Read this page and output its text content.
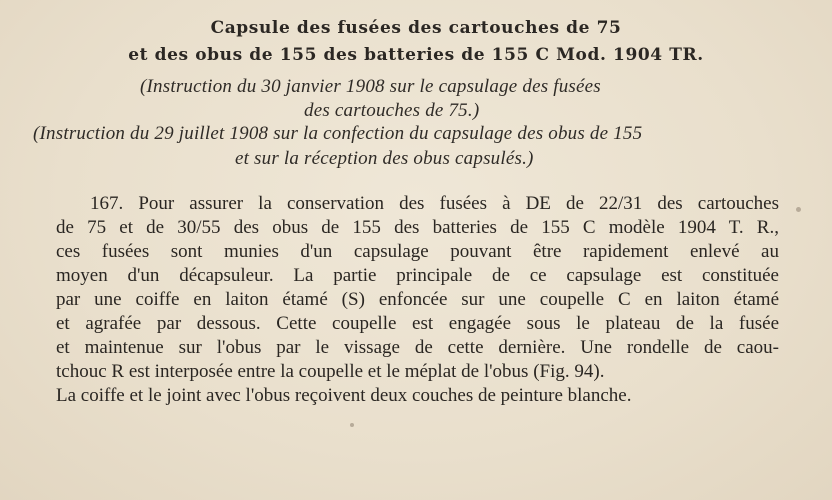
Capsule des fusées des cartouches de 75
et des obus de 155 des batteries de 155 C Mod. 1904 TR.
(Instruction du 30 janvier 1908 sur le capsulage des fusées
des cartouches de 75.)
(Instruction du 29 juillet 1908 sur la confection du capsulage des obus de 155
et sur la réception des obus capsulés.)
167. Pour assurer la conservation des fusées à DE de 22/31 des cartouches
de 75 et de 30/55 des obus de 155 des batteries de 155 C modèle 1904 T. R.,
ces fusées sont munies d'un capsulage pouvant être rapidement enlevé au
moyen d'un décapsuleur. La partie principale de ce capsulage est constituée
par une coiffe en laiton étamé (S) enfoncée sur une coupelle C en laiton étamé
et agrafée par dessous. Cette coupelle est engagée sous le plateau de la fusée
et maintenue sur l'obus par le vissage de cette dernière. Une rondelle de caou-
tchouc R est interposée entre la coupelle et le méplat de l'obus (Fig. 94).
La coiffe et le joint avec l'obus reçoivent deux couches de peinture blanche.
